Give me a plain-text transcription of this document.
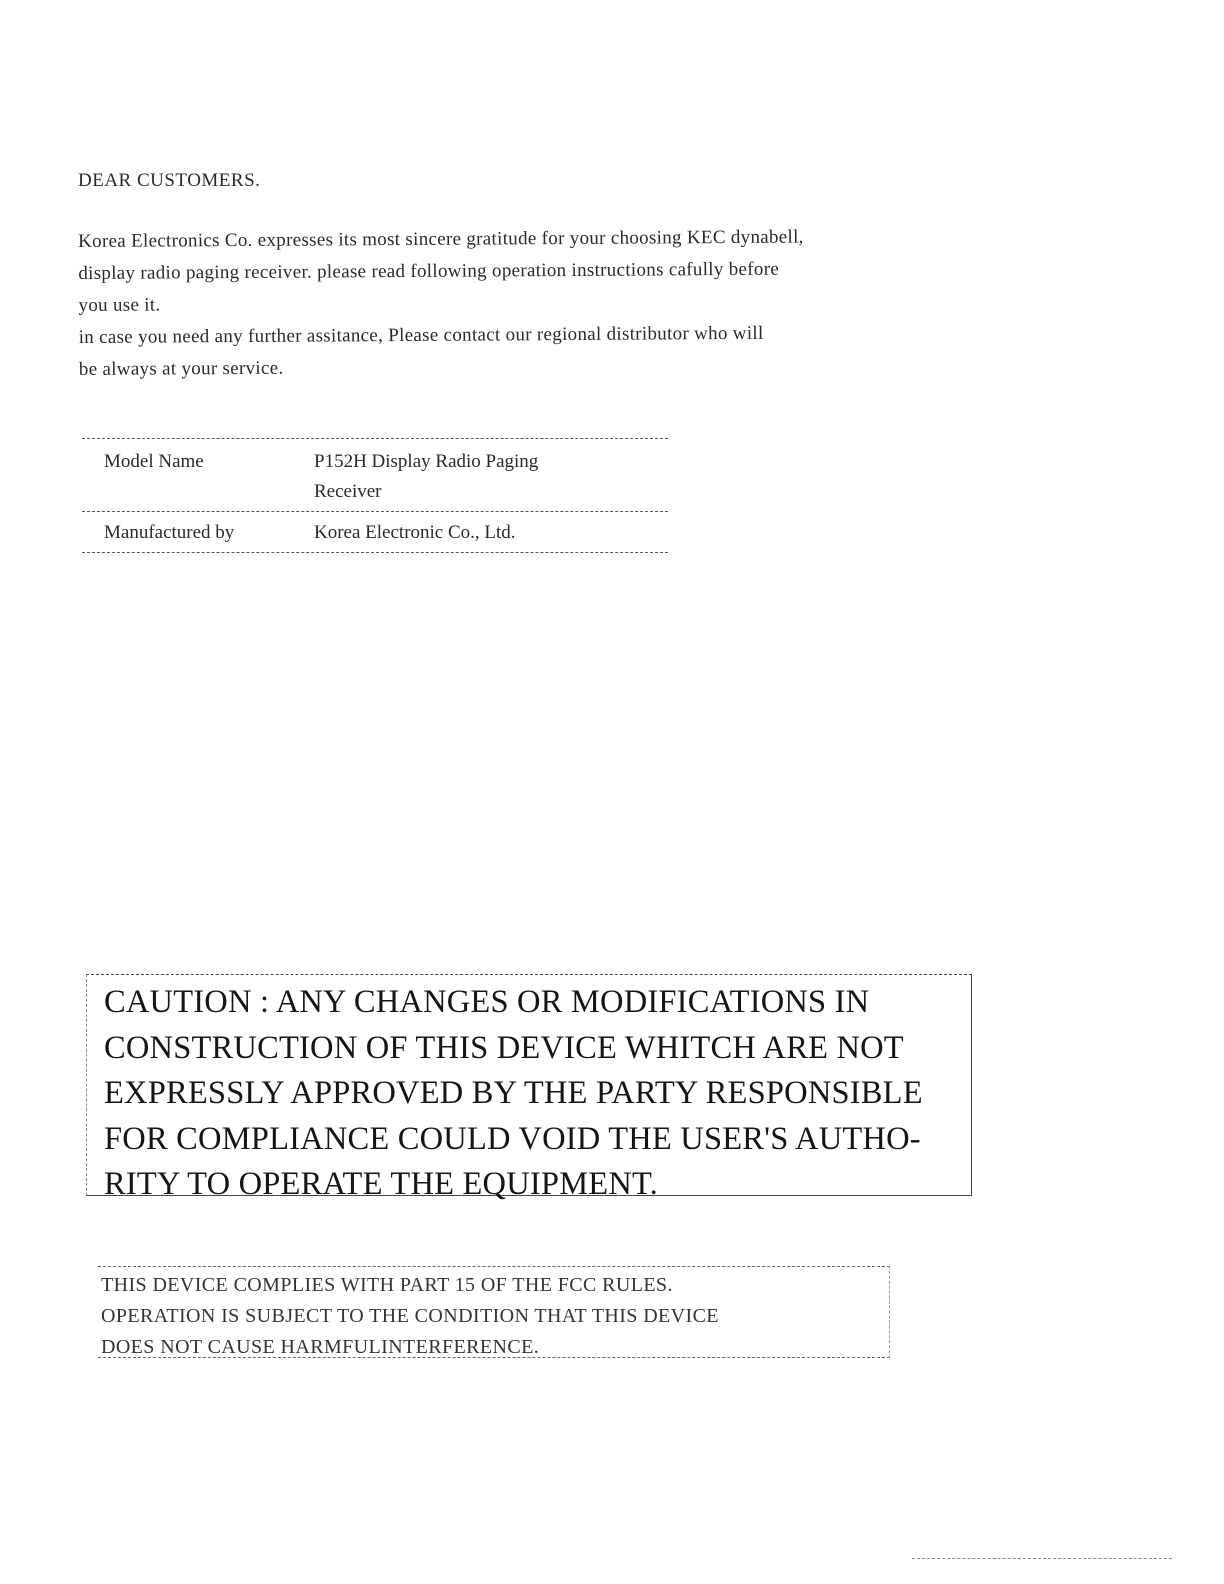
DEAR CUSTOMERS.

Korea Electronics Co. expresses its most sincere gratitude for your choosing KEC dynabell,

display radio paging receiver. please read following operation instructions cafully before

you use it.

in case you need any further assitance, Please contact our regional distributor who will

be always at your service.

Model Name	P152H Display Radio Paging
Receiver
Manufactured by	Korea Electronic Co., Ltd.
CAUTION : ANY CHANGES OR MODIFICATIONS IN
CONSTRUCTION OF THIS DEVICE WHITCH ARE NOT
EXPRESSLY APPROVED BY THE PARTY RESPONSIBLE
FOR COMPLIANCE COULD VOID THE USER'S AUTHO-
RITY TO OPERATE THE EQUIPMENT.

THIS DEVICE COMPLIES WITH PART 15 OF THE FCC RULES.

OPERATION IS SUBJECT TO THE CONDITION THAT THIS DEVICE

DOES NOT CAUSE HARMFULINTERFERENCE.
